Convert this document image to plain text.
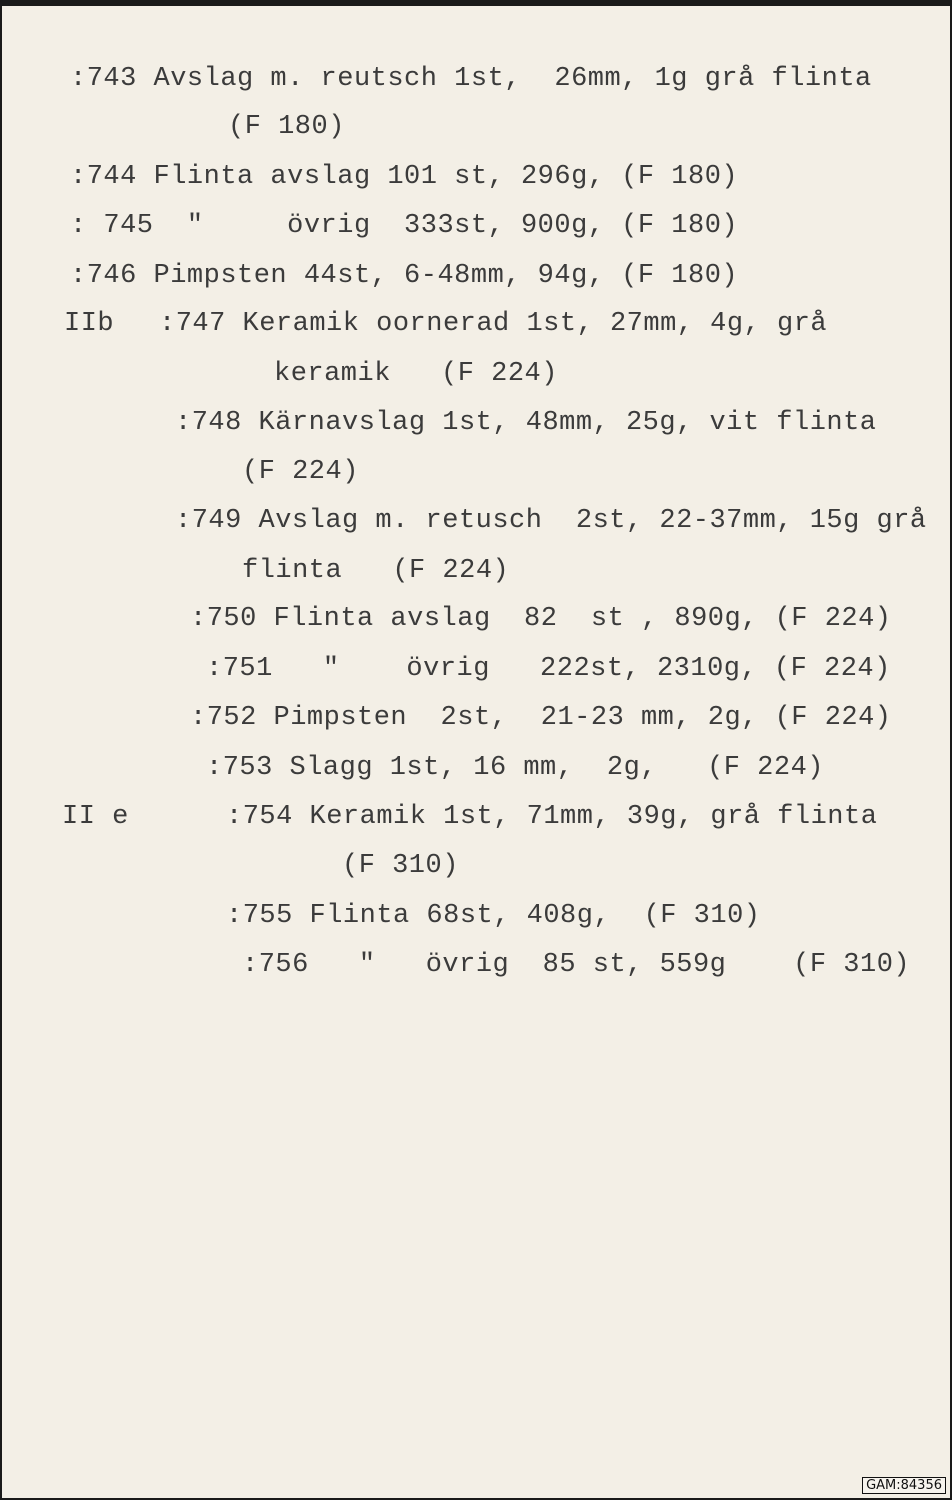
:743 Avslag m. reutsch 1st,  26mm, 1g grå flinta
(F 180)
:744 Flinta avslag 101 st, 296g, (F 180)
: 745  "     övrig  333st, 900g, (F 180)
:746 Pimpsten 44st, 6-48mm, 94g, (F 180)
IIb :747 Keramik oornerad 1st, 27mm, 4g, grå
keramik   (F 224)
:748 Kärnavslag 1st, 48mm, 25g, vit flinta
(F 224)
:749 Avslag m. retusch  2st, 22-37mm, 15g grå
flinta   (F 224)
:750 Flinta avslag  82  st , 890g, (F 224)
:751   "    övrig   222st, 2310g, (F 224)
:752 Pimpsten  2st,  21-23 mm, 2g, (F 224)
:753 Slagg 1st, 16 mm,  2g,   (F 224)
II e	:754 Keramik 1st, 71mm, 39g, grå flinta
(F 310)
:755 Flinta 68st, 408g,  (F 310)
:756   "   övrig  85 st, 559g    (F 310)
GAM:84356
